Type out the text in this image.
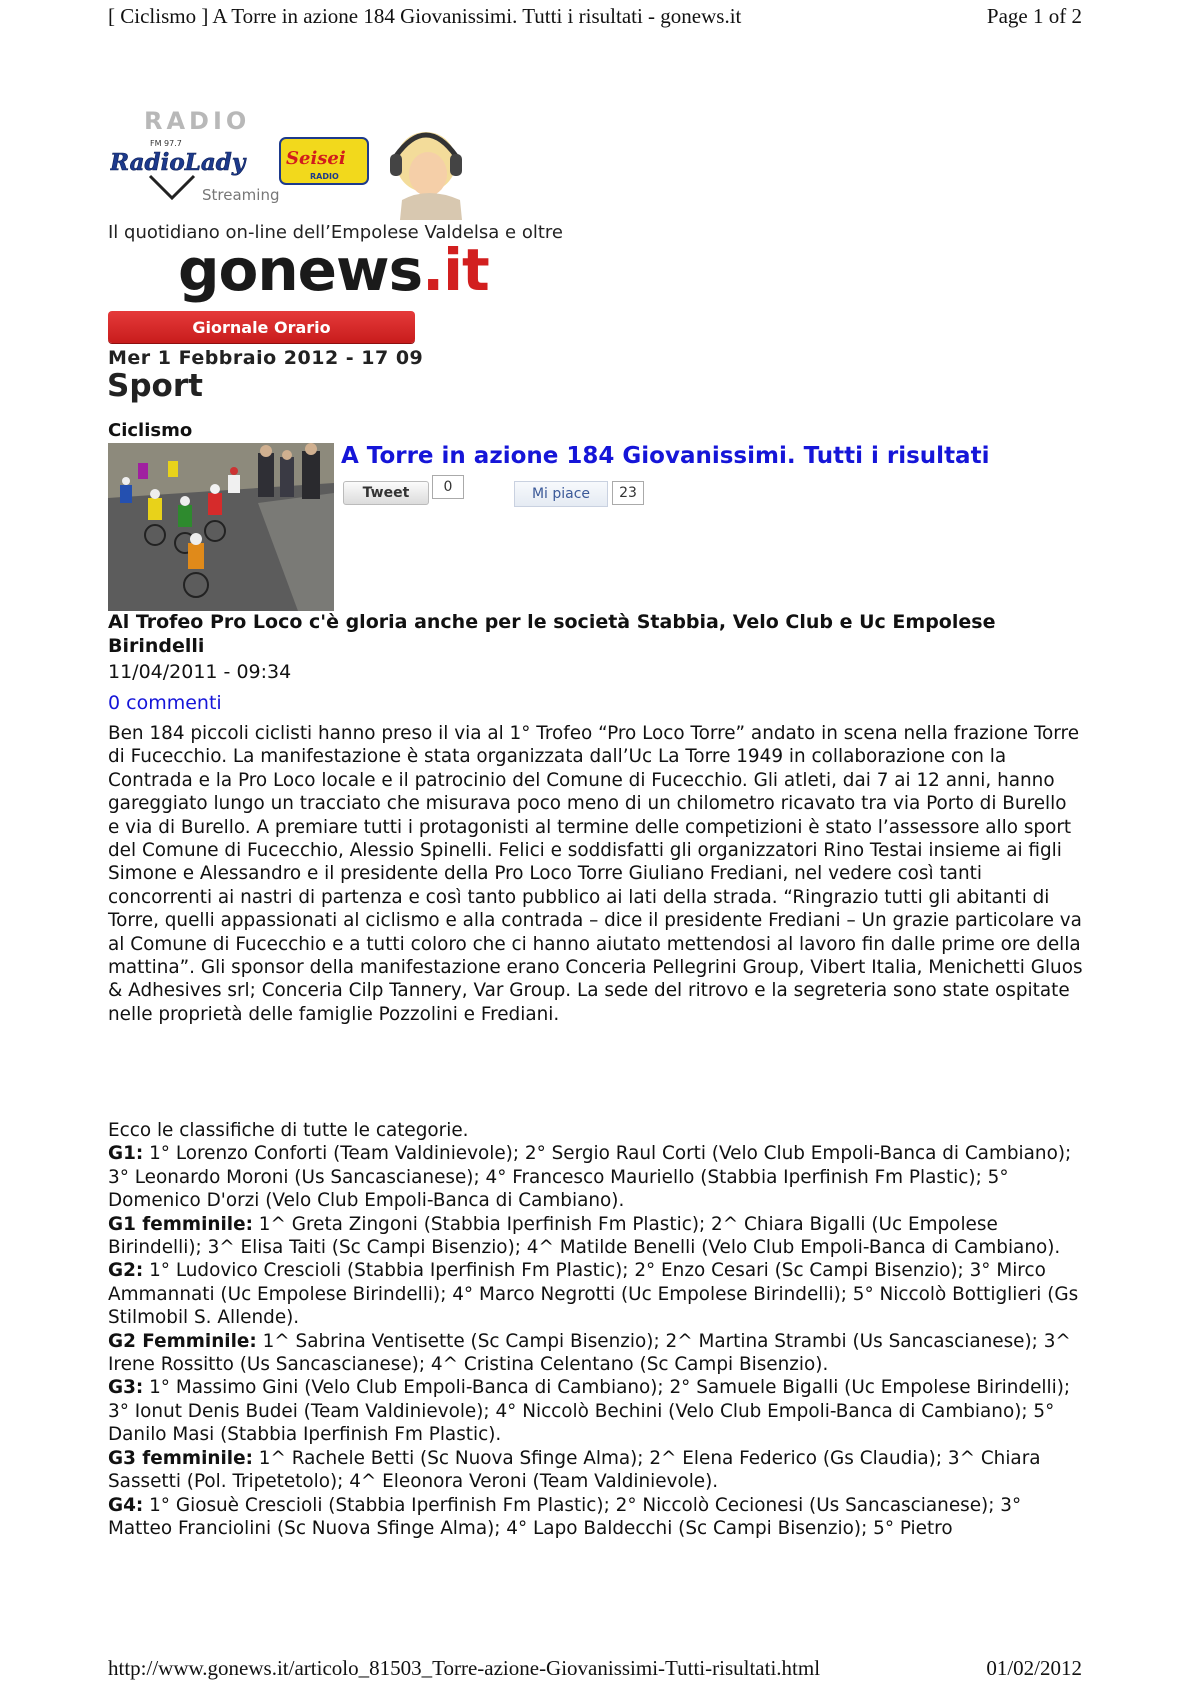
[ Ciclismo ] A Torre in azione 184 Giovanissimi. Tutti i risultati - gonews.it	Page 1 of 2
RADIO
FM 97.7
RadioLady
Streaming
Seisei
RADIO
Il quotidiano on-line dell’Empolese Valdelsa e oltre
gonews.it
Giornale Orario
Mer 1 Febbraio 2012 - 17 09
Sport
Ciclismo
A Torre in azione 184 Giovanissimi. Tutti i risultati
Tweet	0	Mi piace	23
Al Trofeo Pro Loco c'è gloria anche per le società Stabbia, Velo Club e Uc Empolese Birindelli
11/04/2011 - 09:34
0 commenti

Ben 184 piccoli ciclisti hanno preso il via al 1° Trofeo “Pro Loco Torre” andato in scena nella frazione Torre di Fucecchio. La manifestazione è stata organizzata dall’Uc La Torre 1949 in collaborazione con la Contrada e la Pro Loco locale e il patrocinio del Comune di Fucecchio. Gli atleti, dai 7 ai 12 anni, hanno gareggiato lungo un tracciato che misurava poco meno di un chilometro ricavato tra via Porto di Burello e via di Burello. A premiare tutti i protagonisti al termine delle competizioni è stato l’assessore allo sport del Comune di Fucecchio, Alessio Spinelli. Felici e soddisfatti gli organizzatori Rino Testai insieme ai figli Simone e Alessandro e il presidente della Pro Loco Torre Giuliano Frediani, nel vedere così tanti concorrenti ai nastri di partenza e così tanto pubblico ai lati della strada. “Ringrazio tutti gli abitanti di Torre, quelli appassionati al ciclismo e alla contrada – dice il presidente Frediani – Un grazie particolare va al Comune di Fucecchio e a tutti coloro che ci hanno aiutato mettendosi al lavoro fin dalle prime ore della mattina”. Gli sponsor della manifestazione erano Conceria Pellegrini Group, Vibert Italia, Menichetti Gluos & Adhesives srl; Conceria Cilp Tannery, Var Group. La sede del ritrovo e la segreteria sono state ospitate nelle proprietà delle famiglie Pozzolini e Frediani.

Ecco le classifiche di tutte le categorie.

G1: 1° Lorenzo Conforti (Team Valdinievole); 2° Sergio Raul Corti (Velo Club Empoli-Banca di Cambiano); 3° Leonardo Moroni (Us Sancascianese); 4° Francesco Mauriello (Stabbia Iperfinish Fm Plastic); 5° Domenico D'orzi (Velo Club Empoli-Banca di Cambiano).

G1 femminile: 1^ Greta Zingoni (Stabbia Iperfinish Fm Plastic); 2^ Chiara Bigalli (Uc Empolese Birindelli); 3^ Elisa Taiti (Sc Campi Bisenzio); 4^ Matilde Benelli (Velo Club Empoli-Banca di Cambiano).

G2: 1° Ludovico Crescioli (Stabbia Iperfinish Fm Plastic); 2° Enzo Cesari (Sc Campi Bisenzio); 3° Mirco Ammannati (Uc Empolese Birindelli); 4° Marco Negrotti (Uc Empolese Birindelli); 5° Niccolò Bottiglieri (Gs Stilmobil S. Allende).

G2 Femminile: 1^ Sabrina Ventisette (Sc Campi Bisenzio); 2^ Martina Strambi (Us Sancascianese); 3^ Irene Rossitto (Us Sancascianese); 4^ Cristina Celentano (Sc Campi Bisenzio).

G3: 1° Massimo Gini (Velo Club Empoli-Banca di Cambiano); 2° Samuele Bigalli (Uc Empolese Birindelli); 3° Ionut Denis Budei (Team Valdinievole); 4° Niccolò Bechini (Velo Club Empoli-Banca di Cambiano); 5° Danilo Masi (Stabbia Iperfinish Fm Plastic).

G3 femminile: 1^ Rachele Betti (Sc Nuova Sfinge Alma); 2^ Elena Federico (Gs Claudia); 3^ Chiara Sassetti (Pol. Tripetetolo); 4^ Eleonora Veroni (Team Valdinievole).

G4: 1° Giosuè Crescioli (Stabbia Iperfinish Fm Plastic); 2° Niccolò Cecionesi (Us Sancascianese); 3° Matteo Franciolini (Sc Nuova Sfinge Alma); 4° Lapo Baldecchi (Sc Campi Bisenzio); 5° Pietro

http://www.gonews.it/articolo_81503_Torre-azione-Giovanissimi-Tutti-risultati.html	01/02/2012
